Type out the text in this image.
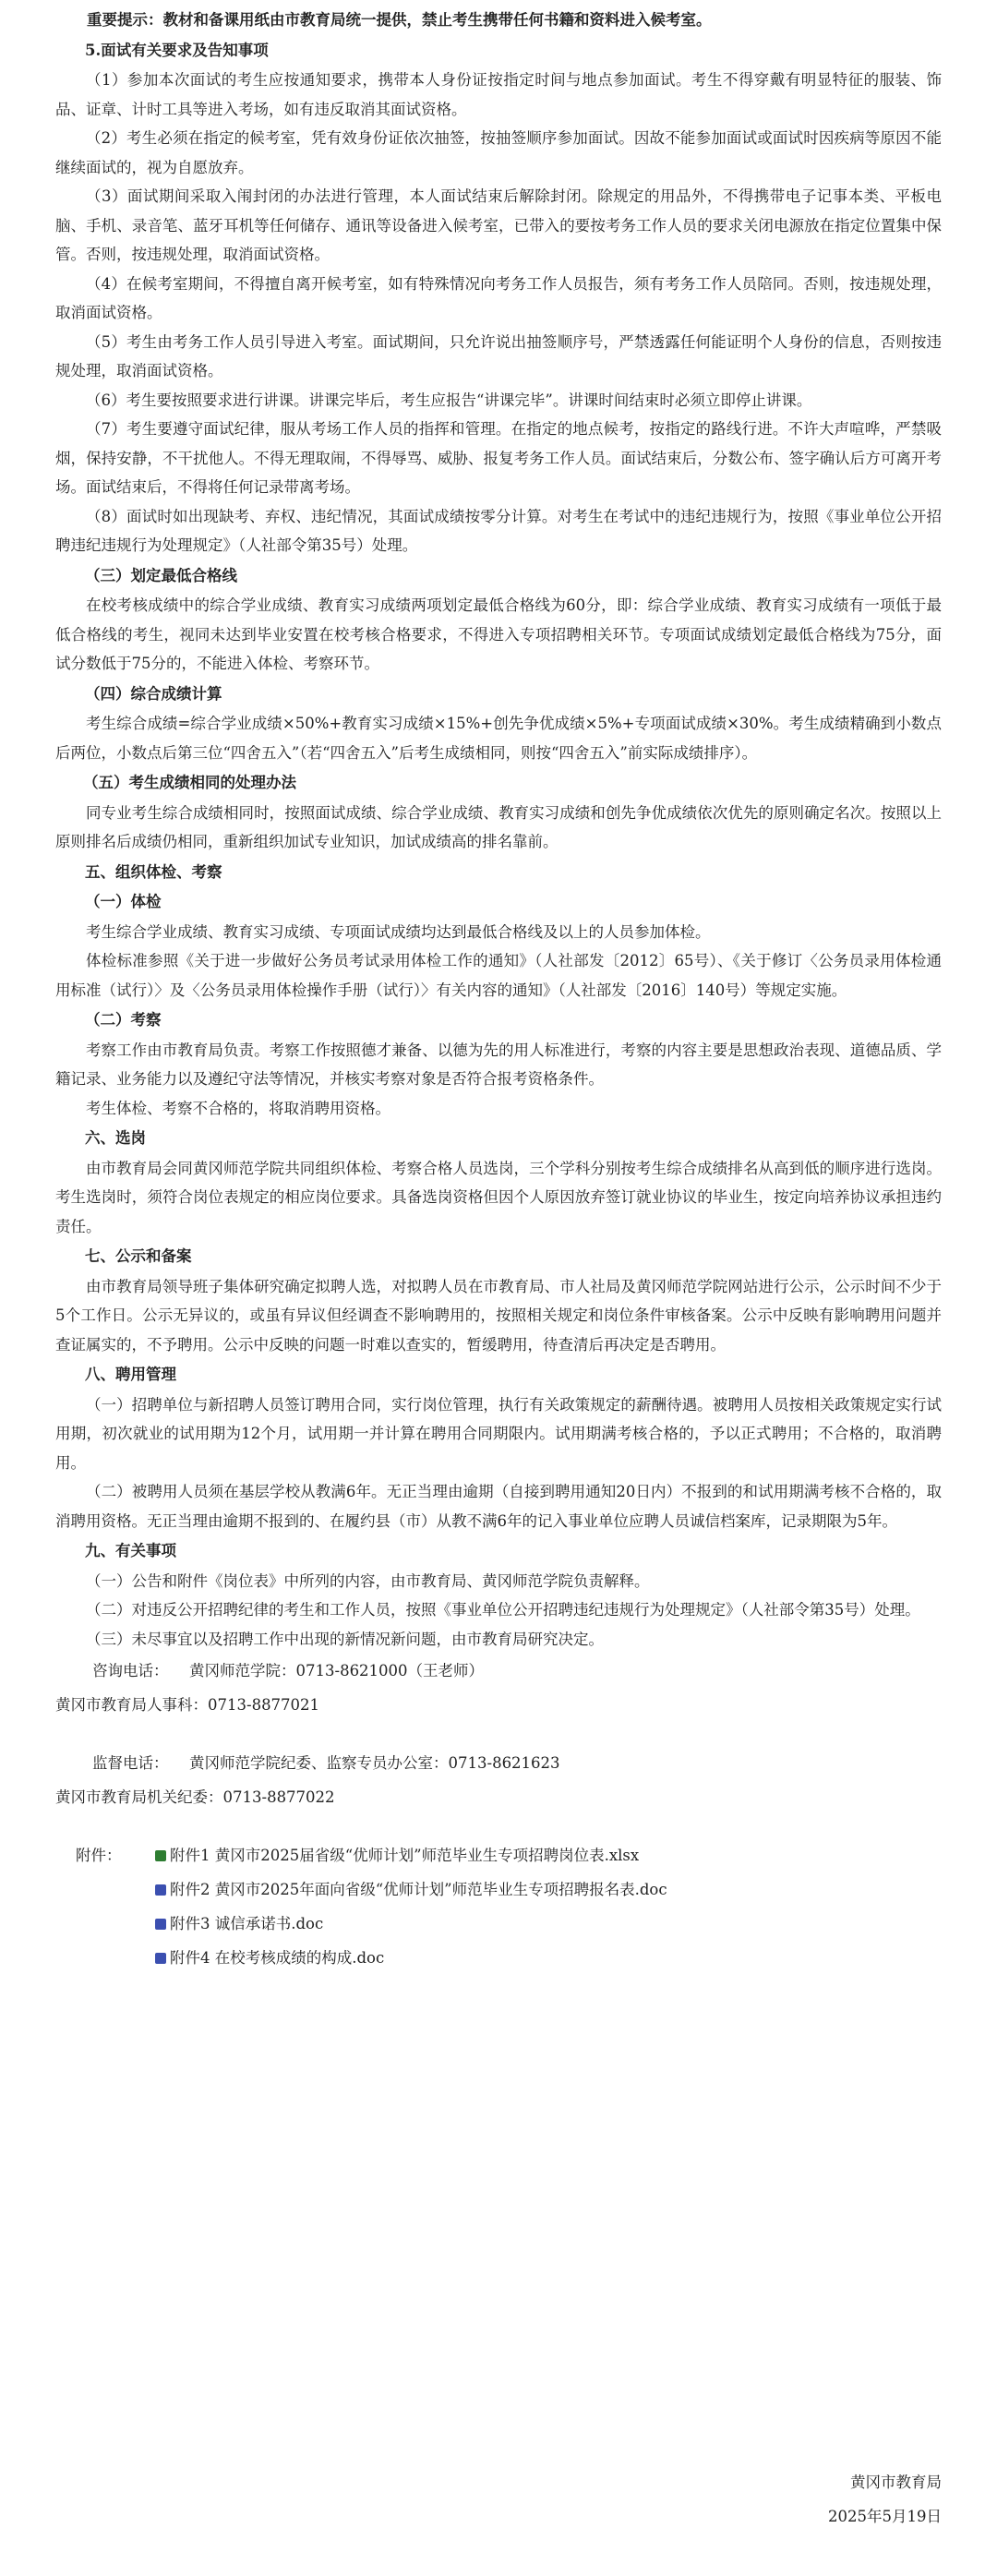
重要提示：教材和备课用纸由市教育局统一提供，禁止考生携带任何书籍和资料进入候考室。

5.面试有关要求及告知事项

（1）参加本次面试的考生应按通知要求，携带本人身份证按指定时间与地点参加面试。考生不得穿戴有明显特征的服装、饰品、证章、计时工具等进入考场，如有违反取消其面试资格。

（2）考生必须在指定的候考室，凭有效身份证依次抽签，按抽签顺序参加面试。因故不能参加面试或面试时因疾病等原因不能继续面试的，视为自愿放弃。

（3）面试期间采取入闱封闭的办法进行管理，本人面试结束后解除封闭。除规定的用品外，不得携带电子记事本类、平板电脑、手机、录音笔、蓝牙耳机等任何储存、通讯等设备进入候考室，已带入的要按考务工作人员的要求关闭电源放在指定位置集中保管。否则，按违规处理，取消面试资格。

（4）在候考室期间，不得擅自离开候考室，如有特殊情况向考务工作人员报告，须有考务工作人员陪同。否则，按违规处理，取消面试资格。

（5）考生由考务工作人员引导进入考室。面试期间，只允许说出抽签顺序号，严禁透露任何能证明个人身份的信息，否则按违规处理，取消面试资格。

（6）考生要按照要求进行讲课。讲课完毕后，考生应报告“讲课完毕”。讲课时间结束时必须立即停止讲课。

（7）考生要遵守面试纪律，服从考场工作人员的指挥和管理。在指定的地点候考，按指定的路线行进。不许大声喧哗，严禁吸烟，保持安静，不干扰他人。不得无理取闹，不得辱骂、威胁、报复考务工作人员。面试结束后，分数公布、签字确认后方可离开考场。面试结束后，不得将任何记录带离考场。

（8）面试时如出现缺考、弃权、违纪情况，其面试成绩按零分计算。对考生在考试中的违纪违规行为，按照《事业单位公开招聘违纪违规行为处理规定》（人社部令第35号）处理。

（三）划定最低合格线

在校考核成绩中的综合学业成绩、教育实习成绩两项划定最低合格线为60分，即：综合学业成绩、教育实习成绩有一项低于最低合格线的考生，视同未达到毕业安置在校考核合格要求，不得进入专项招聘相关环节。专项面试成绩划定最低合格线为75分，面试分数低于75分的，不能进入体检、考察环节。

（四）综合成绩计算

考生综合成绩=综合学业成绩×50%+教育实习成绩×15%+创先争优成绩×5%+专项面试成绩×30%。考生成绩精确到小数点后两位，小数点后第三位“四舍五入”（若“四舍五入”后考生成绩相同，则按“四舍五入”前实际成绩排序）。

（五）考生成绩相同的处理办法

同专业考生综合成绩相同时，按照面试成绩、综合学业成绩、教育实习成绩和创先争优成绩依次优先的原则确定名次。按照以上原则排名后成绩仍相同，重新组织加试专业知识，加试成绩高的排名靠前。

五、组织体检、考察
（一）体检

考生综合学业成绩、教育实习成绩、专项面试成绩均达到最低合格线及以上的人员参加体检。

体检标准参照《关于进一步做好公务员考试录用体检工作的通知》（人社部发〔2012〕65号）、《关于修订〈公务员录用体检通用标准（试行）〉及〈公务员录用体检操作手册（试行）〉有关内容的通知》（人社部发〔2016〕140号）等规定实施。

（二）考察

考察工作由市教育局负责。考察工作按照德才兼备、以德为先的用人标准进行，考察的内容主要是思想政治表现、道德品质、学籍记录、业务能力以及遵纪守法等情况，并核实考察对象是否符合报考资格条件。

考生体检、考察不合格的，将取消聘用资格。

六、选岗

由市教育局会同黄冈师范学院共同组织体检、考察合格人员选岗，三个学科分别按考生综合成绩排名从高到低的顺序进行选岗。考生选岗时，须符合岗位表规定的相应岗位要求。具备选岗资格但因个人原因放弃签订就业协议的毕业生，按定向培养协议承担违约责任。

七、公示和备案

由市教育局领导班子集体研究确定拟聘人选，对拟聘人员在市教育局、市人社局及黄冈师范学院网站进行公示，公示时间不少于5个工作日。公示无异议的，或虽有异议但经调查不影响聘用的，按照相关规定和岗位条件审核备案。公示中反映有影响聘用问题并查证属实的，不予聘用。公示中反映的问题一时难以查实的，暂缓聘用，待查清后再决定是否聘用。

八、聘用管理

（一）招聘单位与新招聘人员签订聘用合同，实行岗位管理，执行有关政策规定的薪酬待遇。被聘用人员按相关政策规定实行试用期，初次就业的试用期为12个月，试用期一并计算在聘用合同期限内。试用期满考核合格的，予以正式聘用；不合格的，取消聘用。

（二）被聘用人员须在基层学校从教满6年。无正当理由逾期（自接到聘用通知20日内）不报到的和试用期满考核不合格的，取消聘用资格。无正当理由逾期不报到的、在履约县（市）从教不满6年的记入事业单位应聘人员诚信档案库，记录期限为5年。

九、有关事项

（一）公告和附件《岗位表》中所列的内容，由市教育局、黄冈师范学院负责解释。

（二）对违反公开招聘纪律的考生和工作人员，按照《事业单位公开招聘违纪违规行为处理规定》（人社部令第35号）处理。

（三）未尽事宜以及招聘工作中出现的新情况新问题，由市教育局研究决定。

咨询电话： 黄冈师范学院：0713-8621000（王老师）

黄冈市教育局人事科：0713-8877021

监督电话： 黄冈师范学院纪委、监察专员办公室：0713-8621623

黄冈市教育局机关纪委：0713-8877022

附件：	附件1 黄冈市2025届省级“优师计划”师范毕业生专项招聘岗位表.xlsx
附件2 黄冈市2025年面向省级“优师计划”师范毕业生专项招聘报名表.doc
附件3 诚信承诺书.doc
附件4 在校考核成绩的构成.doc
黄冈市教育局
2025年5月19日
